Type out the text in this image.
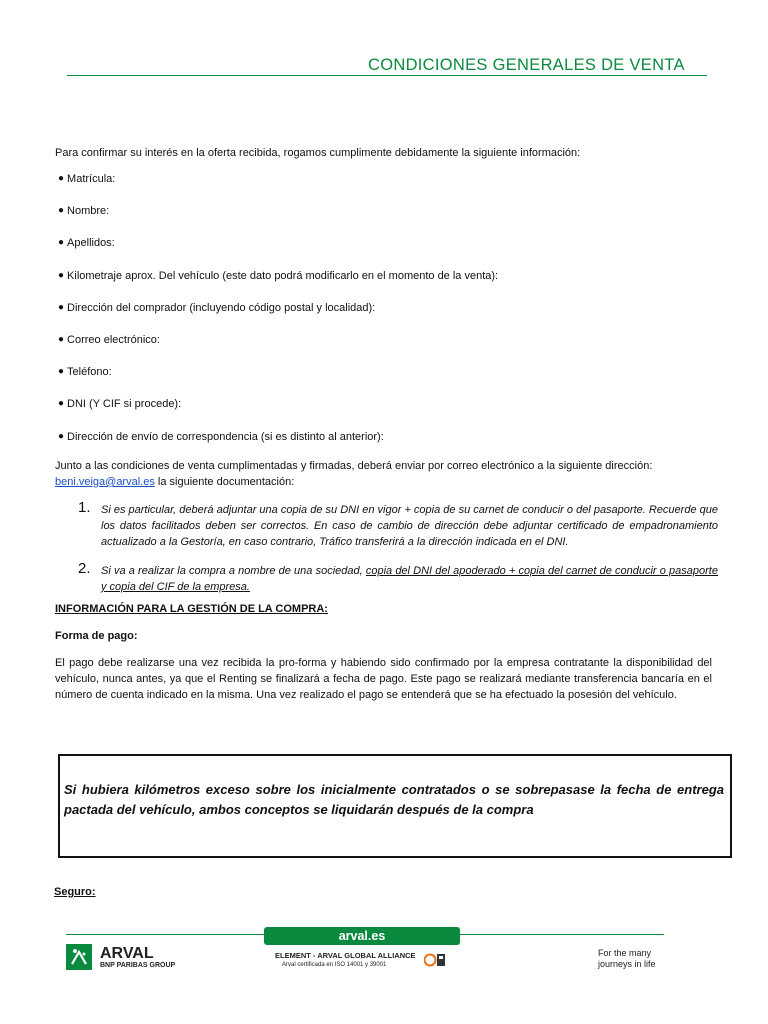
CONDICIONES GENERALES DE VENTA
Para confirmar su interés en la oferta recibida, rogamos cumplimente debidamente la siguiente información:
● Matrícula:
● Nombre:
● Apellidos:
● Kilometraje aprox. Del vehículo (este dato podrá modificarlo en el momento de la venta):
● Dirección del comprador (incluyendo código postal y localidad):
● Correo electrónico:
● Teléfono:
● DNI (Y CIF si procede):
● Dirección de envío de correspondencia (si es distinto al anterior):
Junto a las condiciones de venta cumplimentadas y firmadas, deberá enviar por correo electrónico a la siguiente dirección:
beni.veiga@arval.es la siguiente documentación:
1. Si es particular, deberá adjuntar una copia de su DNI en vigor + copia de su carnet de conducir o del pasaporte. Recuerde que los datos facilitados deben ser correctos. En caso de cambio de dirección debe adjuntar certificado de empadronamiento actualizado a la Gestoría, en caso contrario, Tráfico transferirá a la dirección indicada en el DNI.
2. Si va a realizar la compra a nombre de una sociedad, copia del DNI del apoderado + copia del carnet de conducir o pasaporte y copia del CIF de la empresa.
INFORMACIÓN PARA LA GESTIÓN DE LA COMPRA:
Forma de pago:
El pago debe realizarse una vez recibida la pro-forma y habiendo sido confirmado por la empresa contratante la disponibilidad del vehículo, nunca antes, ya que el Renting se finalizará a fecha de pago. Este pago se realizará mediante transferencia bancaría en el número de cuenta indicado en la misma. Una vez realizado el pago se entenderá que se ha efectuado la posesión del vehículo.
Si hubiera kilómetros exceso sobre los inicialmente contratados o se sobrepasase la fecha de entrega pactada del vehículo, ambos conceptos se liquidarán después de la compra
Seguro:
arval.es
ARVAL
BNP PARIBAS GROUP
ELEMENT - ARVAL GLOBAL ALLIANCE
Arval certificada en ISO 14001 y 39001
For the many
journeys in life
